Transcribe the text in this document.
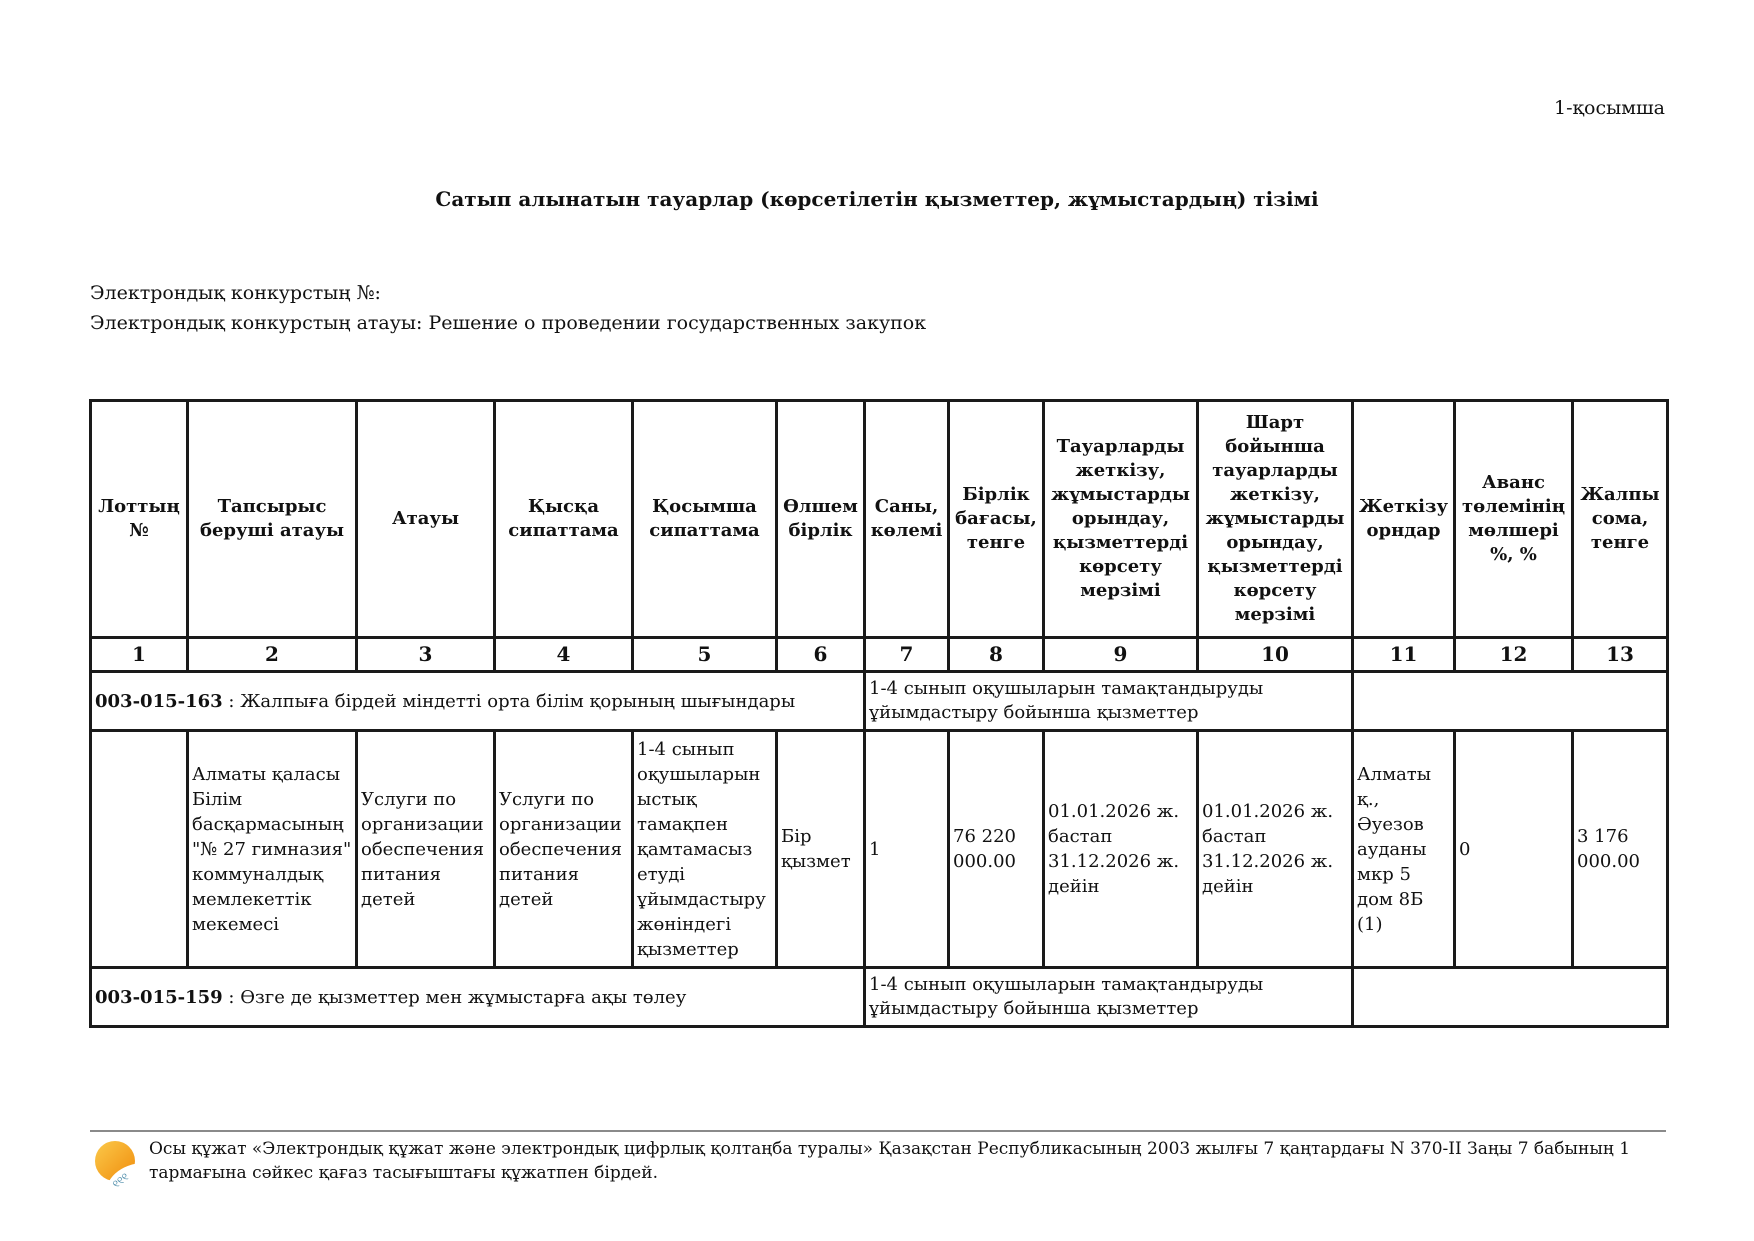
1-қосымша
Сатып алынатын тауарлар (көрсетілетін қызметтер, жұмыстардың) тізімі
Электрондық конкурстың №:
Электрондық конкурстың атауы: Решение о проведении государственных закупок
Лоттың №	Тапсырыс беруші атауы	Атауы	Қысқа сипаттама	Қосымша сипаттама	Өлшем бірлік	Саны, көлемі	Бірлік бағасы, тенге	Тауарларды жеткізу, жұмыстарды орындау, қызметтерді көрсету мерзімі	Шарт бойынша тауарларды жеткізу, жұмыстарды орындау, қызметтерді көрсету мерзімі	Жеткізу орндар	Аванс төлемінің мөлшері %, %	Жалпы сома, тенге
1	2	3	4	5	6	7	8	9	10	11	12	13
003-015-163 : Жалпыға бірдей міндетті орта білім қорының шығындары						1-4 сынып оқушыларын тамақтандыруды ұйымдастыру бойынша қызметтер						
	Алматы қаласы Білім басқармасының "№ 27 гимназия" коммуналдық мемлекеттік мекемесі	Услуги по организации обеспечения питания детей	Услуги по организации обеспечения питания детей	1-4 сынып оқушыларын ыстық тамақпен қамтамасыз етуді ұйымдастыру жөніндегі қызметтер	Бір қызмет	1	76 220 000.00	01.01.2026 ж. бастап 31.12.2026 ж. дейін	01.01.2026 ж. бастап 31.12.2026 ж. дейін	Алматы қ., Әуезов ауданы мкр 5 дом 8Б (1)	0	3 176 000.00
003-015-159 : Өзге де қызметтер мен жұмыстарға ақы төлеу						1-4 сынып оқушыларын тамақтандыруды ұйымдастыру бойынша қызметтер						
୧୧୧
Осы құжат «Электрондық құжат және электрондық цифрлық қолтаңба туралы» Қазақстан Республикасының 2003 жылғы 7 қаңтардағы N 370-II Заңы 7 бабының 1 тармағына сәйкес қағаз тасығыштағы құжатпен бірдей.
